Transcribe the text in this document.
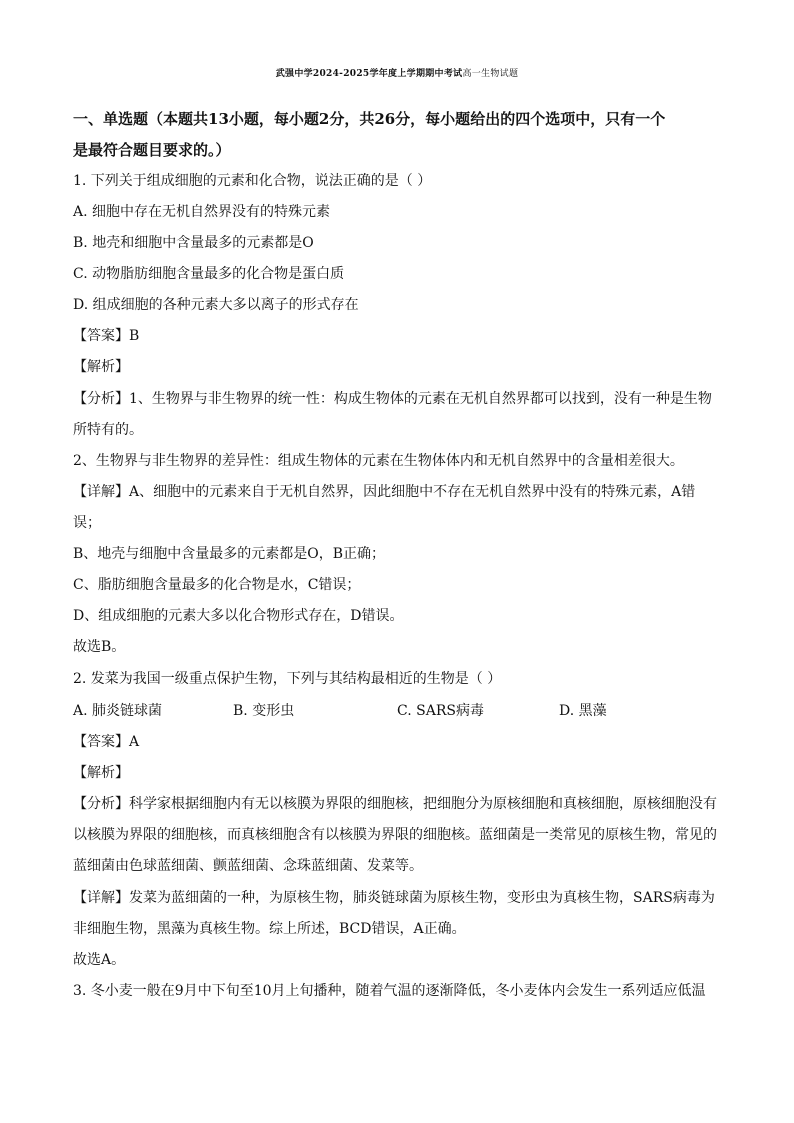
武强中学2024-2025学年度上学期期中考试高一生物试题
一、单选题（本题共13小题，每小题2分，共26分，每小题给出的四个选项中，只有一个
是最符合题目要求的。）
1. 下列关于组成细胞的元素和化合物，说法正确的是（ ）
A. 细胞中存在无机自然界没有的特殊元素
B. 地壳和细胞中含量最多的元素都是O
C. 动物脂肪细胞含量最多的化合物是蛋白质
D. 组成细胞的各种元素大多以离子的形式存在
【答案】B
【解析】
【分析】1、生物界与非生物界的统一性：构成生物体的元素在无机自然界都可以找到，没有一种是生物
所特有的。
2、生物界与非生物界的差异性：组成生物体的元素在生物体体内和无机自然界中的含量相差很大。
【详解】A、细胞中的元素来自于无机自然界，因此细胞中不存在无机自然界中没有的特殊元素，A错
误；
B、地壳与细胞中含量最多的元素都是O，B正确；
C、脂肪细胞含量最多的化合物是水，C错误；
D、组成细胞的元素大多以化合物形式存在，D错误。
故选B。
2. 发菜为我国一级重点保护生物，下列与其结构最相近的生物是（ ）
A. 肺炎链球菌	B. 变形虫	C. SARS病毒	D. 黑藻
【答案】A
【解析】
【分析】科学家根据细胞内有无以核膜为界限的细胞核，把细胞分为原核细胞和真核细胞，原核细胞没有
以核膜为界限的细胞核，而真核细胞含有以核膜为界限的细胞核。蓝细菌是一类常见的原核生物，常见的
蓝细菌由色球蓝细菌、颤蓝细菌、念珠蓝细菌、发菜等。
【详解】发菜为蓝细菌的一种，为原核生物，肺炎链球菌为原核生物，变形虫为真核生物，SARS病毒为
非细胞生物，黑藻为真核生物。综上所述，BCD错误，A正确。
故选A。
3. 冬小麦一般在9月中下旬至10月上旬播种，随着气温的逐渐降低，冬小麦体内会发生一系列适应低温
